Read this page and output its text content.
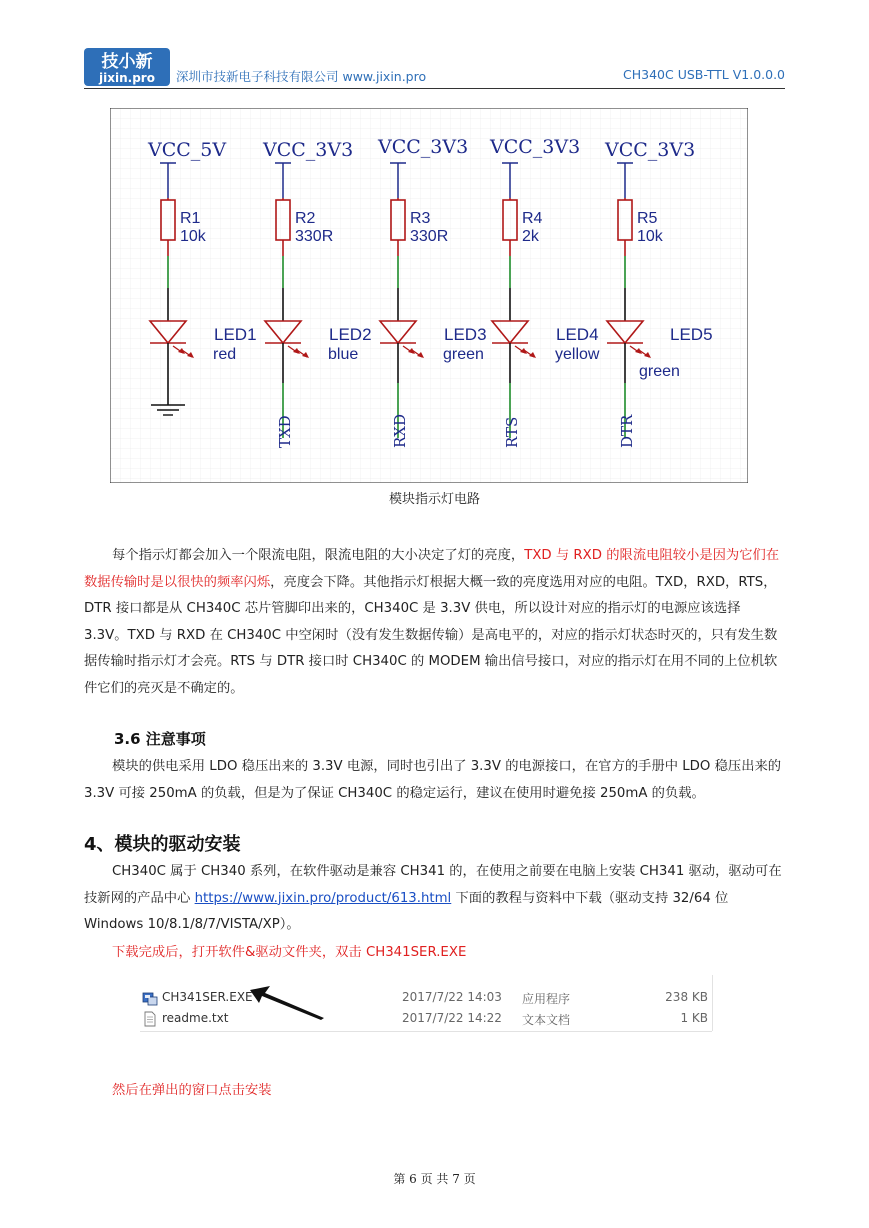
技小新
jixin.pro 深圳市技新电子科技有限公司 www.jixin.pro	CH340C USB-TTL V1.0.0.0
VCC_5V
R1
10k
LED1
red
VCC_3V3
R2
330R
LED2
blue
TXD
VCC_3V3
R3
330R
LED3
green
RXD
VCC_3V3
R4
2k
LED4
yellow
RTS
VCC_3V3
R5
10k
LED5
green
DTR
模块指示灯电路
每个指示灯都会加入一个限流电阻，限流电阻的大小决定了灯的亮度，TXD 与 RXD 的限流电阻较小是因为它们在数据传输时是以很快的频率闪烁，亮度会下降。其他指示灯根据大概一致的亮度选用对应的电阻。TXD，RXD，RTS，DTR 接口都是从 CH340C 芯片管脚印出来的，CH340C 是 3.3V 供电，所以设计对应的指示灯的电源应该选择 3.3V。TXD 与 RXD 在 CH340C 中空闲时（没有发生数据传输）是高电平的，对应的指示灯状态时灭的，只有发生数据传输时指示灯才会亮。RTS 与 DTR 接口时 CH340C 的 MODEM 输出信号接口，对应的指示灯在用不同的上位机软件它们的亮灭是不确定的。
3.6 注意事项
模块的供电采用 LDO 稳压出来的 3.3V 电源，同时也引出了 3.3V 的电源接口，在官方的手册中 LDO 稳压出来的 3.3V 可接 250mA 的负载，但是为了保证 CH340C 的稳定运行，建议在使用时避免接 250mA 的负载。
4、模块的驱动安装
CH340C 属于 CH340 系列，在软件驱动是兼容 CH341 的，在使用之前要在电脑上安装 CH341 驱动，驱动可在技新网的产品中心 https://www.jixin.pro/product/613.html 下面的教程与资料中下载（驱动支持 32/64 位 Windows 10/8.1/8/7/VISTA/XP）。
下载完成后，打开软件&驱动文件夹，双击 CH341SER.EXE
CH341SER.EXE	2017/7/22 14:03 应用程序	238 KB
readme.txt	2017/7/22 14:22 文本文档	1 KB
然后在弹出的窗口点击安装
第 6 页 共 7 页
